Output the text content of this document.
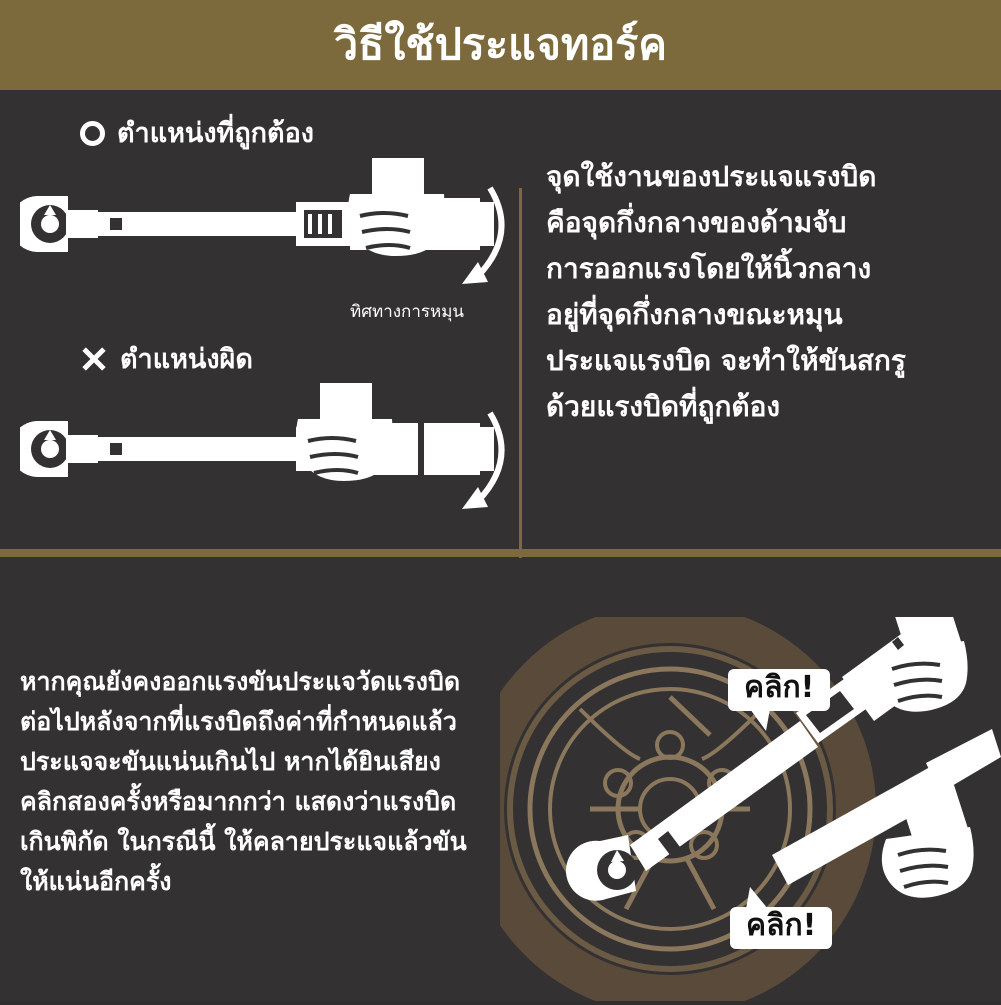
วิธีใช้ประแจทอร์ค
ตำแหน่งที่ถูกต้อง
ทิศทางการหมุน
ตำแหน่งผิด

จุดใช้งานของประแจแรงบิด

คือจุดกึ่งกลางของด้ามจับ

การออกแรงโดยให้นิ้วกลาง

อยู่ที่จุดกึ่งกลางขณะหมุน

ประแจแรงบิด จะทำให้ขันสกรู

ด้วยแรงบิดที่ถูกต้อง

หากคุณยังคงออกแรงขันประแจวัดแรงบิด

ต่อไปหลังจากที่แรงบิดถึงค่าที่กำหนดแล้ว

ประแจจะขันแน่นเกินไป หากได้ยินเสียง

คลิกสองครั้งหรือมากกว่า แสดงว่าแรงบิด

เกินพิกัด ในกรณีนี้ ให้คลายประแจแล้วขัน

ให้แน่นอีกครั้ง

คลิก!
คลิก!
